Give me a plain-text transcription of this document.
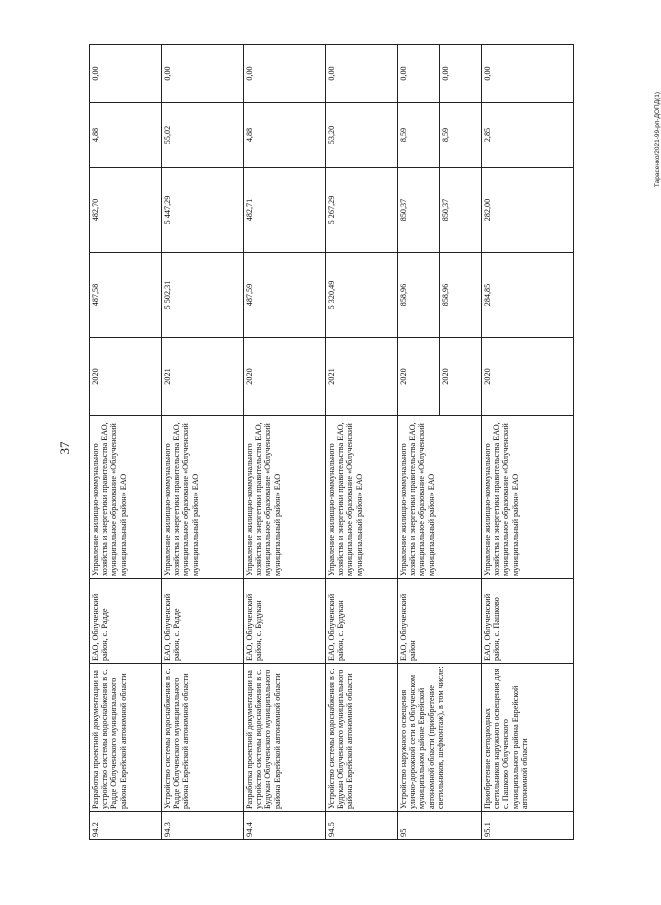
37
Тарасенко/2021-99-рп-ДОПД(1)
94.2	Разработка проектной документации на устройство системы водоснабжения в с. Радде Облученского муниципального района Еврейской автономной области	ЕАО, Облученский район, с. Радде	Управление жилищно-коммунального хозяйства и энергетики правительства ЕАО, муниципальное образование «Облученский муниципальный район» ЕАО	2020	487,58	482,70	4,88	0,00
94.3	Устройство системы водоснабжения в с. Радде Облученского муниципального района Еврейской автономной области	ЕАО, Облученский район, с. Радде	Управление жилищно-коммунального хозяйства и энергетики правительства ЕАО, муниципальное образование «Облученский муниципальный район» ЕАО	2021	5 502,31	5 447,29	55,02	0,00
94.4	Разработка проектной документации на устройство системы водоснабжения в с. Будукан Облученского муниципального района Еврейской автономной области	ЕАО, Облученский район, с. Будукан	Управление жилищно-коммунального хозяйства и энергетики правительства ЕАО, муниципальное образование «Облученский муниципальный район» ЕАО	2020	487,59	482,71	4,88	0,00
94.5	Устройство системы водоснабжения в с. Будукан Облученского муниципального района Еврейской автономной области	ЕАО, Облученский район, с. Будукан	Управление жилищно-коммунального хозяйства и энергетики правительства ЕАО, муниципальное образование «Облученский муниципальный район» ЕАО	2021	5 320,49	5 267,29	53,20	0,00
95	Устройство наружного освещения улично-дорожной сети в Облученском муниципальном районе Еврейской автономной области (приобретение светильников, шефмонтаж), в том числе:	ЕАО, Облученский район	Управление жилищно-коммунального хозяйства и энергетики правительства ЕАО, муниципальное образование «Облученский муниципальный район» ЕАО	2020	858,96	850,37	8,59	0,00
				2020	858,96	850,37	8,59	0,00
95.1	Приобретение светодиодных светильников наружного освещения для с. Пашково Облученского муниципального района Еврейской автономной области	ЕАО, Облученский район, с. Пашково	Управление жилищно-коммунального хозяйства и энергетики правительства ЕАО, муниципальное образование «Облученский муниципальный район» ЕАО	2020	284,85	282,00	2,85	0,00
